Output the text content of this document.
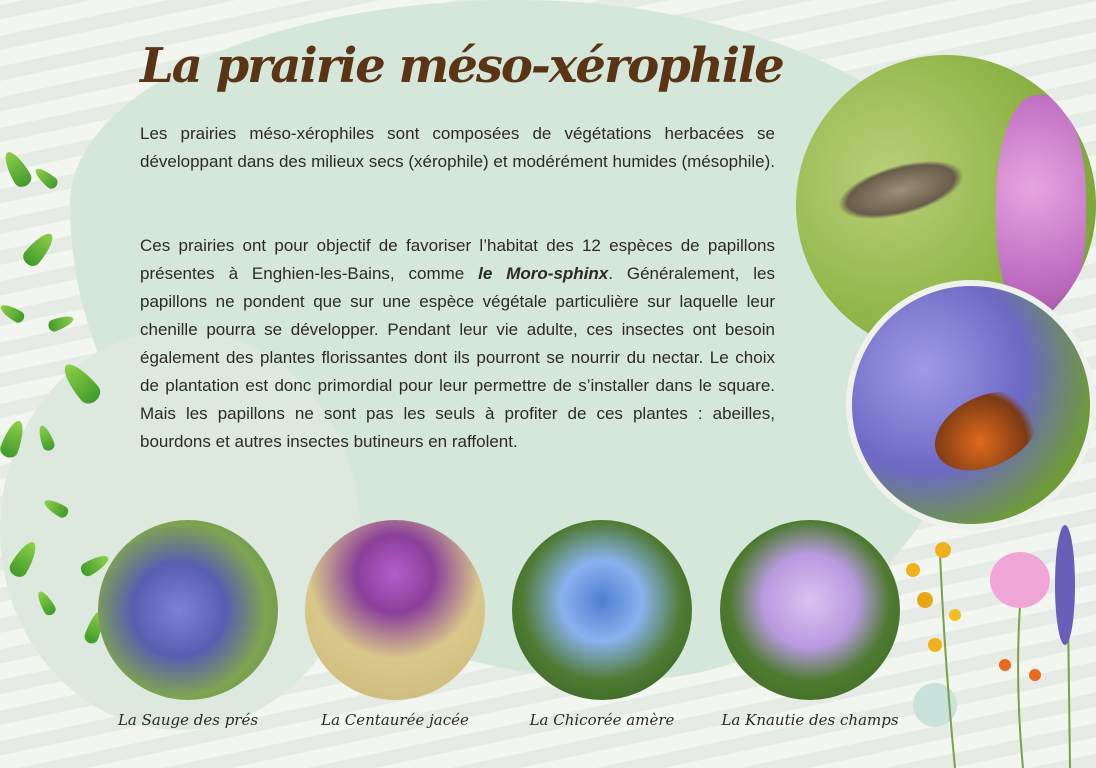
La prairie méso-xérophile

Les prairies méso-xérophiles sont composées de végétations herbacées se développant dans des milieux secs (xérophile) et modérément humides (mésophile).

Ces prairies ont pour objectif de favoriser l’habitat des 12 espèces de papillons présentes à Enghien-les-Bains, comme le Moro-sphinx. Généralement, les papillons ne pondent que sur une espèce végétale particulière sur laquelle leur chenille pourra se développer. Pendant leur vie adulte, ces insectes ont besoin également des plantes florissantes dont ils pourront se nourrir du nectar. Le choix de plantation est donc primordial pour leur permettre de s’installer dans le square. Mais les papillons ne sont pas les seuls à profiter de ces plantes : abeilles, bourdons et autres insectes butineurs en raffolent.

La Sauge des prés	La Centaurée jacée	La Chicorée amère	La Knautie des champs
